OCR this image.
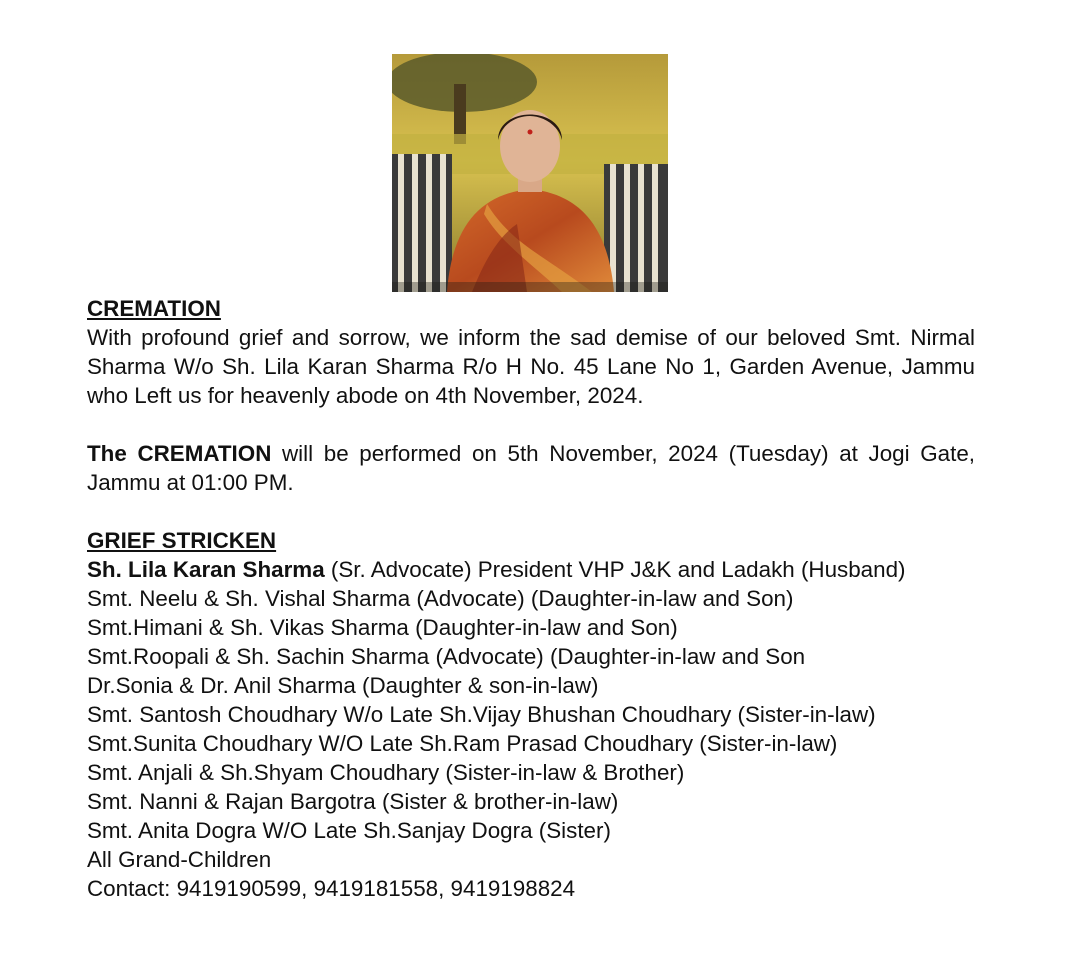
CREMATION
With profound grief and sorrow, we inform the sad demise of our beloved Smt. Nirmal Sharma W/o Sh. Lila Karan Sharma R/o H No. 45 Lane No 1, Garden Avenue, Jammu who Left us for heavenly abode on 4th November, 2024.
The CREMATION will be performed on 5th November, 2024 (Tuesday) at Jogi Gate, Jammu at 01:00 PM.
GRIEF STRICKEN
Sh. Lila Karan Sharma (Sr. Advocate) President VHP J&K and Ladakh (Husband)
Smt. Neelu & Sh. Vishal Sharma (Advocate) (Daughter-in-law and Son)
Smt.Himani & Sh. Vikas Sharma (Daughter-in-law and Son)
Smt.Roopali & Sh. Sachin Sharma (Advocate) (Daughter-in-law and Son
Dr.Sonia & Dr. Anil Sharma (Daughter & son-in-law)
Smt. Santosh Choudhary W/o Late Sh.Vijay Bhushan Choudhary (Sister-in-law)
Smt.Sunita Choudhary W/O Late Sh.Ram Prasad Choudhary (Sister-in-law)
Smt. Anjali & Sh.Shyam Choudhary (Sister-in-law & Brother)
Smt. Nanni & Rajan Bargotra (Sister & brother-in-law)
Smt. Anita Dogra W/O Late Sh.Sanjay Dogra (Sister)
All Grand-Children
Contact: 9419190599, 9419181558, 9419198824
